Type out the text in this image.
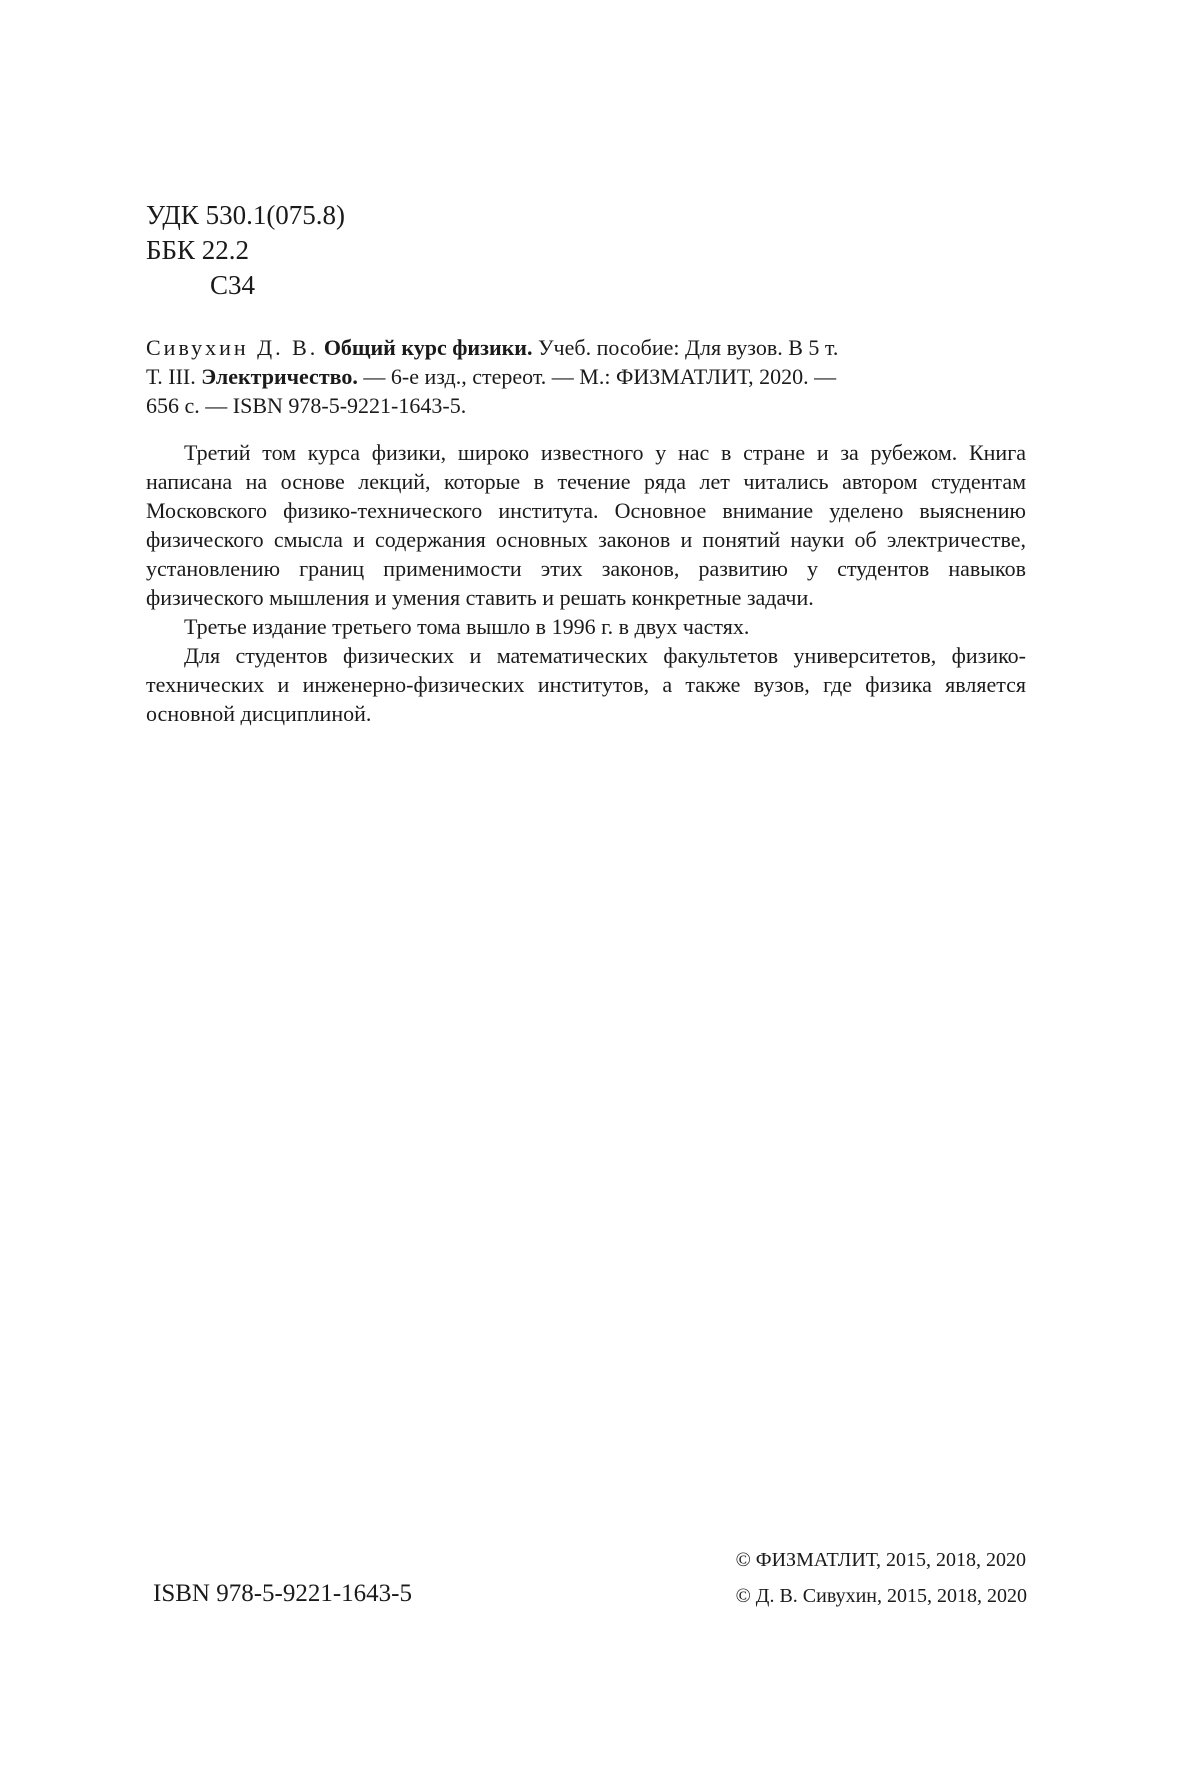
УДК 530.1(075.8)
ББК 22.2
С34
Сивухин Д. В. Общий курс физики. Учеб. пособие: Для вузов. В 5 т.
Т. III. Электричество. — 6-е изд., стереот. — М.: ФИЗМАТЛИТ, 2020. —
656 с. — ISBN 978-5-9221-1643-5.

Третий том курса физики, широко известного у нас в стране и за рубежом. Книга написана на основе лекций, которые в течение ряда лет читались автором студентам Московского физико-технического института. Основное внимание уделено выяснению физического смысла и содержания основных законов и понятий науки об электричестве, установлению границ применимости этих законов, развитию у студентов навыков физического мышления и умения ставить и решать конкретные задачи.

Третье издание третьего тома вышло в 1996 г. в двух частях.

Для студентов физических и математических факультетов университетов, физико-технических и инженерно-физических институтов, а также вузов, где физика является основной дисциплиной.

ISBN 978-5-9221-1643-5
© ФИЗМАТЛИТ, 2015, 2018, 2020
© Д. В. Сивухин, 2015, 2018, 2020
